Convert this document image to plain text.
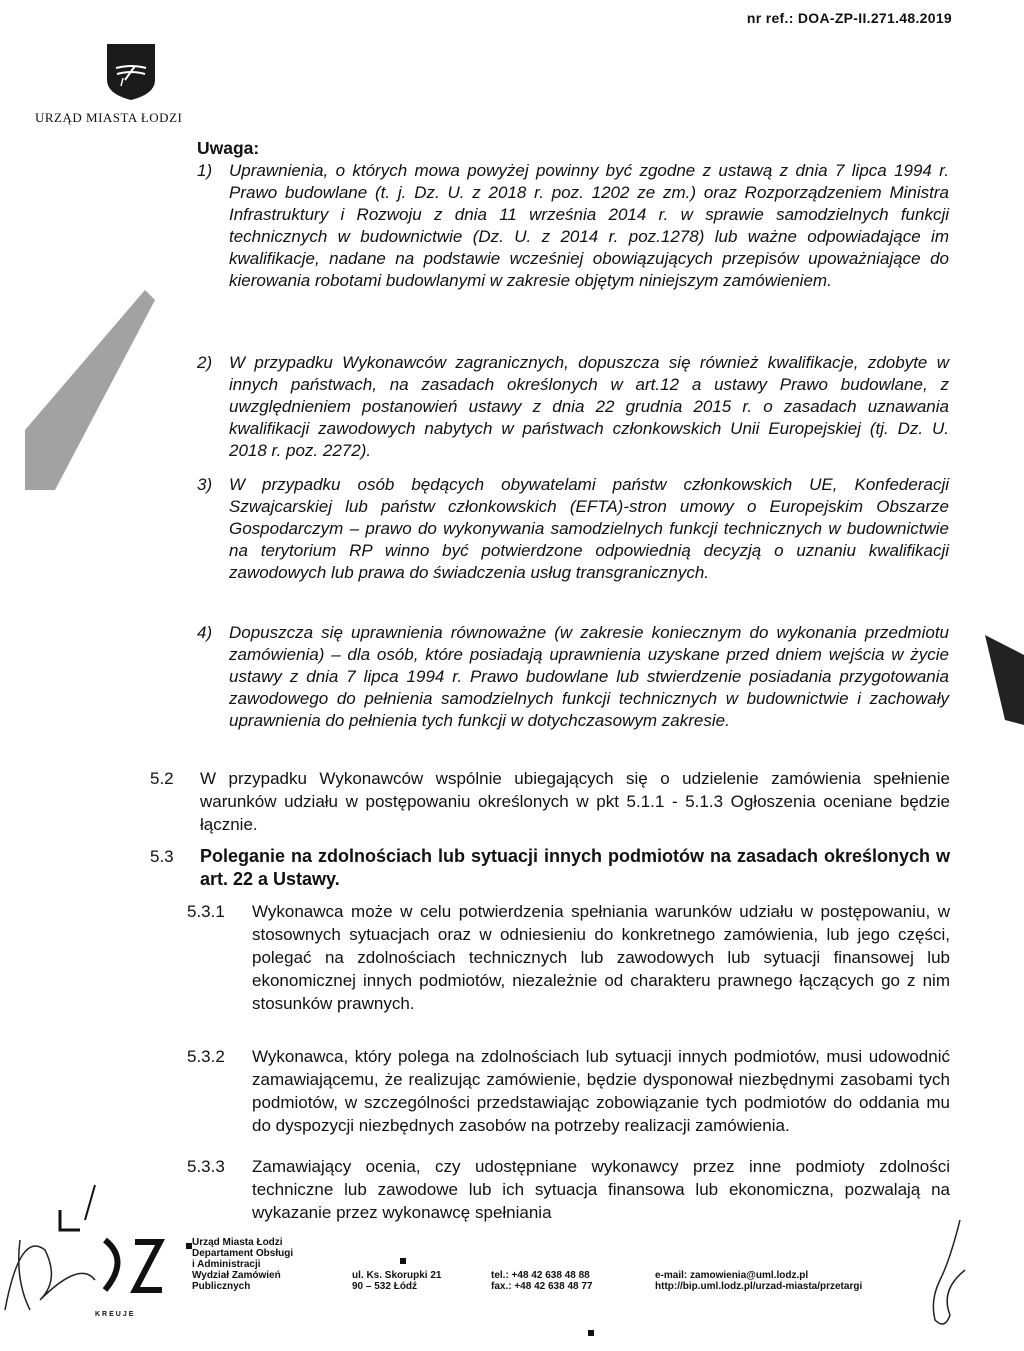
nr ref.: DOA-ZP-II.271.48.2019
URZĄD MIASTA ŁODZI
Uwaga:
1) Uprawnienia, o których mowa powyżej powinny być zgodne z ustawą z dnia 7 lipca 1994 r. Prawo budowlane (t. j. Dz. U. z 2018 r. poz. 1202 ze zm.) oraz Rozporządzeniem Ministra Infrastruktury i Rozwoju z dnia 11 września 2014 r. w sprawie samodzielnych funkcji technicznych w budownictwie (Dz. U. z 2014 r. poz.1278) lub ważne odpowiadające im kwalifikacje, nadane na podstawie wcześniej obowiązujących przepisów upoważniające do kierowania robotami budowlanymi w zakresie objętym niniejszym zamówieniem.
2) W przypadku Wykonawców zagranicznych, dopuszcza się również kwalifikacje, zdobyte w innych państwach, na zasadach określonych w art.12 a ustawy Prawo budowlane, z uwzględnieniem postanowień ustawy z dnia 22 grudnia 2015 r. o zasadach uznawania kwalifikacji zawodowych nabytych w państwach członkowskich Unii Europejskiej (tj. Dz. U. 2018 r. poz. 2272).
3) W przypadku osób będących obywatelami państw członkowskich UE, Konfederacji Szwajcarskiej lub państw członkowskich (EFTA)-stron umowy o Europejskim Obszarze Gospodarczym – prawo do wykonywania samodzielnych funkcji technicznych w budownictwie na terytorium RP winno być potwierdzone odpowiednią decyzją o uznaniu kwalifikacji zawodowych lub prawa do świadczenia usług transgranicznych.
4) Dopuszcza się uprawnienia równoważne (w zakresie koniecznym do wykonania przedmiotu zamówienia) – dla osób, które posiadają uprawnienia uzyskane przed dniem wejścia w życie ustawy z dnia 7 lipca 1994 r. Prawo budowlane lub stwierdzenie posiadania przygotowania zawodowego do pełnienia samodzielnych funkcji technicznych w budownictwie i zachowały uprawnienia do pełnienia tych funkcji w dotychczasowym zakresie.
5.2 W przypadku Wykonawców wspólnie ubiegających się o udzielenie zamówienia spełnienie warunków udziału w postępowaniu określonych w pkt 5.1.1 - 5.1.3 Ogłoszenia oceniane będzie łącznie.
5.3 Poleganie na zdolnościach lub sytuacji innych podmiotów na zasadach określonych w art. 22 a Ustawy.
5.3.1 Wykonawca może w celu potwierdzenia spełniania warunków udziału w postępowaniu, w stosownych sytuacjach oraz w odniesieniu do konkretnego zamówienia, lub jego części, polegać na zdolnościach technicznych lub zawodowych lub sytuacji finansowej lub ekonomicznej innych podmiotów, niezależnie od charakteru prawnego łączących go z nim stosunków prawnych.
5.3.2 Wykonawca, który polega na zdolnościach lub sytuacji innych podmiotów, musi udowodnić zamawiającemu, że realizując zamówienie, będzie dysponował niezbędnymi zasobami tych podmiotów, w szczególności przedstawiając zobowiązanie tych podmiotów do oddania mu do dyspozycji niezbędnych zasobów na potrzeby realizacji zamówienia.
5.3.3 Zamawiający ocenia, czy udostępniane wykonawcy przez inne podmioty zdolności techniczne lub zawodowe lub ich sytuacja finansowa lub ekonomiczna, pozwalają na wykazanie przez wykonawcę spełniania
KREUJE
Urząd Miasta Łodzi
Departament Obsługi
i Administracji
Wydział Zamówień
Publicznych
ul. Ks. Skorupki 21
90 – 532 Łódź
tel.: +48 42 638 48 88
fax.: +48 42 638 48 77
e-mail: zamowienia@uml.lodz.pl
http://bip.uml.lodz.pl/urzad-miasta/przetargi
